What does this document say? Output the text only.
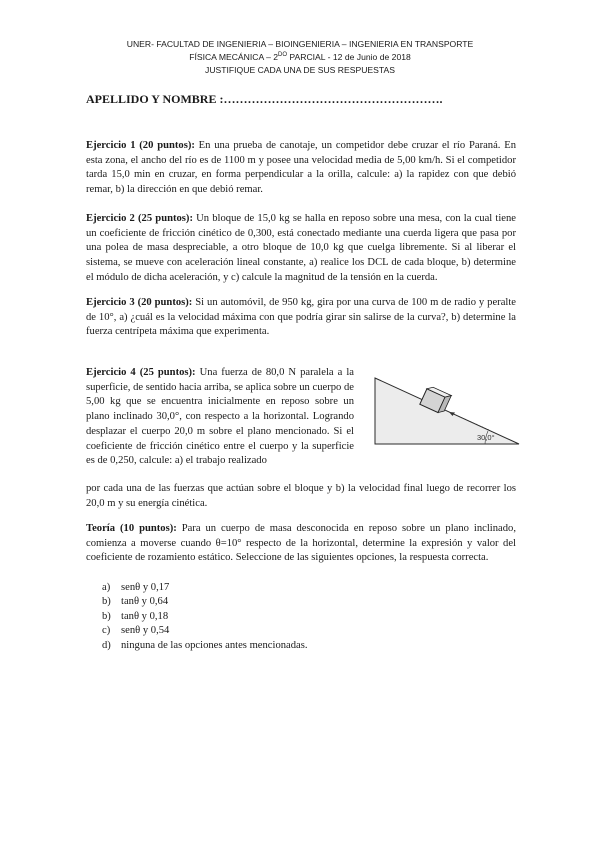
UNER- FACULTAD DE INGENIERIA – BIOINGENIERIA – INGENIERIA EN TRANSPORTE
FÍSICA MECÁNICA – $2^{DO}$ PARCIAL - 12 de Junio de 2018
JUSTIFIQUE CADA UNA DE SUS RESPUESTAS
APELLIDO Y NOMBRE :……………………………………………….

Ejercicio 1 (20 puntos): En una prueba de canotaje, un competidor debe cruzar el río Paraná. En esta zona, el ancho del río es de 1100 m y posee una velocidad media de 5,00 km/h. Si el competidor tarda 15,0 min en cruzar, en forma perpendicular a la orilla, calcule: a) la rapidez con que debió remar, b) la dirección en que debió remar.

Ejercicio 2 (25 puntos): Un bloque de 15,0 kg se halla en reposo sobre una mesa, con la cual tiene un coeficiente de fricción cinético de 0,300, está conectado mediante una cuerda ligera que pasa por una polea de masa despreciable, a otro bloque de 10,0 kg que cuelga libremente. Si al liberar el sistema, se mueve con aceleración lineal constante, a) realice los DCL de cada bloque, b) determine el módulo de dicha aceleración, y c) calcule la magnitud de la tensión en la cuerda.

Ejercicio 3 (20 puntos): Si un automóvil, de 950 kg, gira por una curva de 100 m de radio y peralte de 10°, a) ¿cuál es la velocidad máxima con que podría girar sin salirse de la curva?, b) determine la fuerza centrípeta máxima que experimenta.

Ejercicio 4 (25 puntos): Una fuerza de 80,0 N paralela a la superficie, de sentido hacia arriba, se aplica sobre un cuerpo de 5,00 kg que se encuentra inicialmente en reposo sobre un plano inclinado 30,0°, con respecto a la horizontal. Logrando desplazar el cuerpo 20,0 m sobre el plano mencionado. Si el coeficiente de fricción cinético entre el cuerpo y la superficie es de 0,250, calcule: a) el trabajo realizado

30,0°

por cada una de las fuerzas que actúan sobre el bloque y b) la velocidad final luego de recorrer los 20,0 m y su energía cinética.

Teoría (10 puntos): Para un cuerpo de masa desconocida en reposo sobre un plano inclinado, comienza a moverse cuando θ=10° respecto de la horizontal, determine la expresión y valor del coeficiente de rozamiento estático. Seleccione de las siguientes opciones, la respuesta correcta.

a)	senθ y 0,17
b) tanθ y 0,64
b) tanθ y 0,18
c)	senθ y 0,54
d) ninguna de las opciones antes mencionadas.
